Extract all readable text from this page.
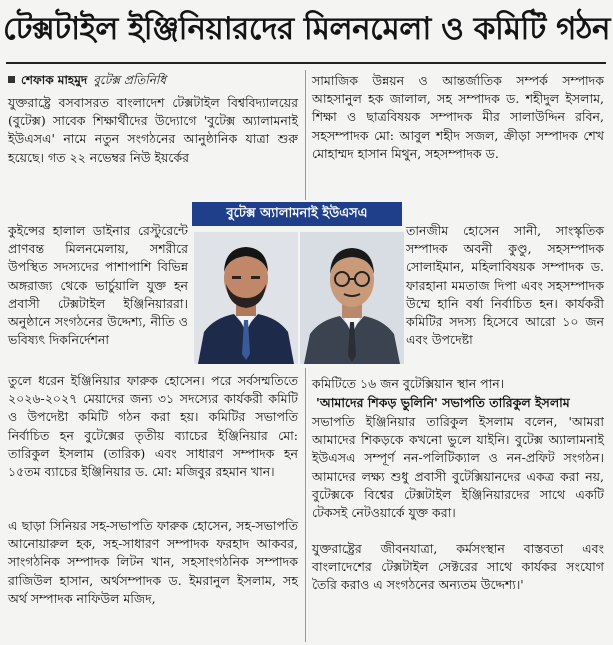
টেক্সটাইল ইঞ্জিনিয়ারদের মিলনমেলা ও কমিটি গঠন
শেফাক মাহমুদ বুটেক্স প্রতিনিধি

যুক্তরাষ্ট্রে বসবাসরত বাংলাদেশ টেক্সটাইল বিশ্ববিদ্যালয়ের (বুটেক্স) সাবেক শিক্ষার্থীদের উদ্যোগে 'বুটেক্স অ্যালামনাই ইউএসএ' নামে নতুন সংগঠনের আনুষ্ঠানিক যাত্রা শুরু হয়েছে। গত ২২ নভেম্বর নিউ ইয়র্কের

কুইন্সের হালাল ডাইনার রেস্টুরেন্টে প্রাণবন্ত মিলনমেলায়, সশরীরে উপস্থিত সদস্যদের পাশাপাশি বিভিন্ন অঙ্গরাজ্য থেকে ভার্চুয়ালি যুক্ত হন প্রবাসী টেক্সটাইল ইঞ্জিনিয়াররা। অনুষ্ঠানে সংগঠনের উদ্দেশ্য, নীতি ও ভবিষ্যৎ দিকনির্দেশনা

তুলে ধরেন ইঞ্জিনিয়ার ফারুক হোসেন। পরে সর্বসম্মতিতে ২০২৬-২০২৭ মেয়াদের জন্য ৩১ সদস্যের কার্যকরী কমিটি ও উপদেষ্টা কমিটি গঠন করা হয়। কমিটির সভাপতি নির্বাচিত হন বুটেক্সের তৃতীয় ব্যাচের ইঞ্জিনিয়ার মো: তারিকুল ইসলাম (তারিক) এবং সাধারণ সম্পাদক হন ১৫তম ব্যাচের ইঞ্জিনিয়ার ড. মো: মজিবুর রহমান খান।

এ ছাড়া সিনিয়র সহ-সভাপতি ফারুক হোসেন, সহ-সভাপতি আনোয়ারুল হক, সহ-সাধারণ সম্পাদক ফরহাদ আকবর, সাংগঠনিক সম্পাদক লিটন খান, সহসাংগঠনিক সম্পাদক রাজিউল হাসান, অর্থসম্পাদক ড. ইমরানুল ইসলাম, সহ অর্থ সম্পাদক নাফিউল মজিদ,

সামাজিক উন্নয়ন ও আন্তর্জাতিক সম্পর্ক সম্পাদক আহসানুল হক জালাল, সহ সম্পাদক ড. শহীদুল ইসলাম, শিক্ষা ও ছাত্রবিষয়ক সম্পাদক মীর সালাউদ্দিন রবিন, সহসম্পাদক মো: আবুল শহীদ সজল, ক্রীড়া সম্পাদক শেখ মোহাম্মদ হাসান মিথুন, সহসম্পাদক ড.

তানজীম হোসেন সানী, সাংস্কৃতিক সম্পাদক অবনী কুণ্ডু, সহসম্পাদক সোলাইমান, মহিলাবিষয়ক সম্পাদক ড. ফারহানা মমতাজ দিপা এবং সহসম্পাদক উম্মে হানি বর্ষা নির্বাচিত হন। কার্যকরী কমিটির সদস্য হিসেবে আরো ১০ জন এবং উপদেষ্টা

কমিটিতে ১৬ জন বুটেক্সিয়ান স্থান পান।

'আমাদের শিকড় ভুলিনি' সভাপতি তারিকুল ইসলাম

সভাপতি ইঞ্জিনিয়ার তারিকুল ইসলাম বলেন, 'আমরা আমাদের শিকড়কে কখনো ভুলে যাইনি। বুটেক্স অ্যালামনাই ইউএসএ সম্পূর্ণ নন-পলিটিক্যাল ও নন-প্রফিট সংগঠন। আমাদের লক্ষ্য শুধু প্রবাসী বুটেক্সিয়ানদের একত্র করা নয়, বুটেক্সকে বিশ্বের টেক্সটাইল ইঞ্জিনিয়ারদের সাথে একটি টেকসই নেটওয়ার্কে যুক্ত করা।

যুক্তরাষ্ট্রের জীবনযাত্রা, কর্মসংস্থান বাস্তবতা এবং বাংলাদেশের টেক্সটাইল সেক্টরের সাথে কার্যকর সংযোগ তৈরি করাও এ সংগঠনের অন্যতম উদ্দেশ্য।'

বুটেক্স অ্যালামনাই ইউএসএ
